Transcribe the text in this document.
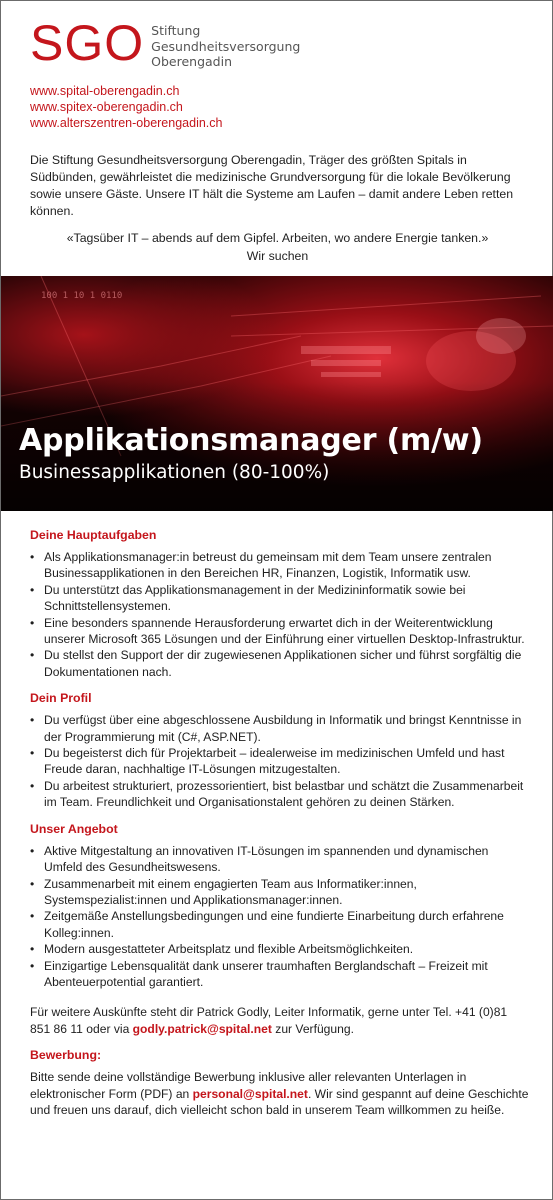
SGO Stiftung
Gesundheitsversorgung
Oberengadin
www.spital-oberengadin.ch
www.spitex-oberengadin.ch
www.alterszentren-oberengadin.ch

Die Stiftung Gesundheitsversorgung Oberengadin, Träger des größten Spitals in Südbünden, gewährleistet die medizinische Grundversorgung für die lokale Bevölkerung sowie unsere Gäste. Unsere IT hält die Systeme am Laufen – damit andere Leben retten können.

«Tagsüber IT – abends auf dem Gipfel. Arbeiten, wo andere Energie tanken.»
Wir suchen
Applikationsmanager (m/w)
Businessapplikationen (80-100%)
Deine Hauptaufgaben
• Als Applikationsmanager:in betreust du gemeinsam mit dem Team unsere zentralen Businessapplikationen in den Bereichen HR, Finanzen, Logistik, Informatik usw.
• Du unterstützt das Applikationsmanagement in der Medizininformatik sowie bei Schnittstellensystemen.
• Eine besonders spannende Herausforderung erwartet dich in der Weiterentwicklung unserer Microsoft 365 Lösungen und der Einführung einer virtuellen Desktop-Infrastruktur.
• Du stellst den Support der dir zugewiesenen Applikationen sicher und führst sorgfältig die Dokumentationen nach.
Dein Profil
• Du verfügst über eine abgeschlossene Ausbildung in Informatik und bringst Kenntnisse in der Programmierung mit (C#, ASP.NET).
• Du begeisterst dich für Projektarbeit – idealerweise im medizinischen Umfeld und hast Freude daran, nachhaltige IT-Lösungen mitzugestalten.
• Du arbeitest strukturiert, prozessorientiert, bist belastbar und schätzt die Zusammenarbeit im Team. Freundlichkeit und Organisationstalent gehören zu deinen Stärken.
Unser Angebot
• Aktive Mitgestaltung an innovativen IT-Lösungen im spannenden und dynamischen Umfeld des Gesundheitswesens.
• Zusammenarbeit mit einem engagierten Team aus Informatiker:innen, Systemspezialist:innen und Applikationsmanager:innen.
• Zeitgemäße Anstellungsbedingungen und eine fundierte Einarbeitung durch erfahrene Kolleg:innen.
• Modern ausgestatteter Arbeitsplatz und flexible Arbeitsmöglichkeiten.
• Einzigartige Lebensqualität dank unserer traumhaften Berglandschaft – Freizeit mit Abenteuerpotential garantiert.

Für weitere Auskünfte steht dir Patrick Godly, Leiter Informatik, gerne unter Tel. +41 (0)81 851 86 11 oder via godly.patrick@spital.net zur Verfügung.

Bewerbung:

Bitte sende deine vollständige Bewerbung inklusive aller relevanten Unterlagen in elektronischer Form (PDF) an personal@spital.net. Wir sind gespannt auf deine Geschichte und freuen uns darauf, dich vielleicht schon bald in unserem Team willkommen zu heiße.
